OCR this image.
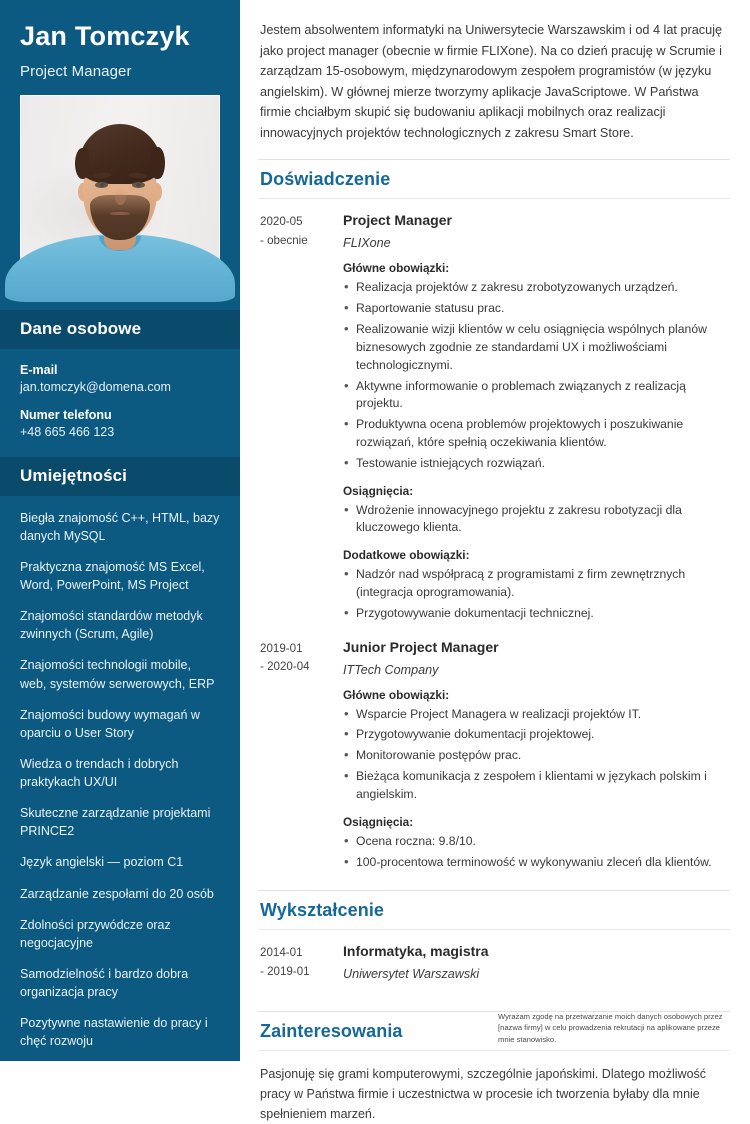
Jan Tomczyk
Project Manager
Dane osobowe
E-mail
jan.tomczyk@domena.com
Numer telefonu
+48 665 466 123
Umiejętności
Biegła znajomość C++, HTML, bazy danych MySQL
Praktyczna znajomość MS Excel, Word, PowerPoint, MS Project
Znajomości standardów metodyk zwinnych (Scrum, Agile)
Znajomości technologii mobile, web, systemów serwerowych, ERP
Znajomości budowy wymagań w oparciu o User Story
Wiedza o trendach i dobrych praktykach UX/UI
Skuteczne zarządzanie projektami PRINCE2
Język angielski — poziom C1
Zarządzanie zespołami do 20 osób
Zdolności przywódcze oraz negocjacyjne
Samodzielność i bardzo dobra organizacja pracy
Pozytywne nastawienie do pracy i chęć rozwoju

Jestem absolwentem informatyki na Uniwersytecie Warszawskim i od 4 lat pracuję jako project manager (obecnie w firmie FLIXone). Na co dzień pracuję w Scrumie i zarządzam 15-osobowym, międzynarodowym zespołem programistów (w języku angielskim). W głównej mierze tworzymy aplikacje JavaScriptowe. W Państwa firmie chciałbym skupić się budowaniu aplikacji mobilnych oraz realizacji innowacyjnych projektów technologicznych z zakresu Smart Store.

Doświadczenie
2020-05
- obecnie
Project Manager
FLIXone
Główne obowiązki:
• Realizacja projektów z zakresu zrobotyzowanych urządzeń.
• Raportowanie statusu prac.
• Realizowanie wizji klientów w celu osiągnięcia wspólnych planów biznesowych zgodnie ze standardami UX i możliwościami technologicznymi.
• Aktywne informowanie o problemach związanych z realizacją projektu.
• Produktywna ocena problemów projektowych i poszukiwanie rozwiązań, które spełnią oczekiwania klientów.
• Testowanie istniejących rozwiązań.
Osiągnięcia:
• Wdrożenie innowacyjnego projektu z zakresu robotyzacji dla kluczowego klienta.
Dodatkowe obowiązki:
• Nadzór nad współpracą z programistami z firm zewnętrznych (integracja oprogramowania).
• Przygotowywanie dokumentacji technicznej.
2019-01
- 2020-04
Junior Project Manager
ITTech Company
Główne obowiązki:
• Wsparcie Project Managera w realizacji projektów IT.
• Przygotowywanie dokumentacji projektowej.
• Monitorowanie postępów prac.
• Bieżąca komunikacja z zespołem i klientami w językach polskim i angielskim.
Osiągnięcia:
• Ocena roczna: 9.8/10.
• 100-procentowa terminowość w wykonywaniu zleceń dla klientów.
Wykształcenie
2014-01
- 2019-01
Informatyka, magistra
Uniwersytet Warszawski
Zainteresowania

Pasjonuję się grami komputerowymi, szczególnie japońskimi. Dlatego możliwość pracy w Państwa firmie i uczestnictwa w procesie ich tworzenia byłaby dla mnie spełnieniem marzeń.

Wyrażam zgodę na przetwarzanie moich danych osobowych przez [nazwa firmy] w celu prowadzenia rekrutacji na aplikowane przeze mnie stanowisko.
